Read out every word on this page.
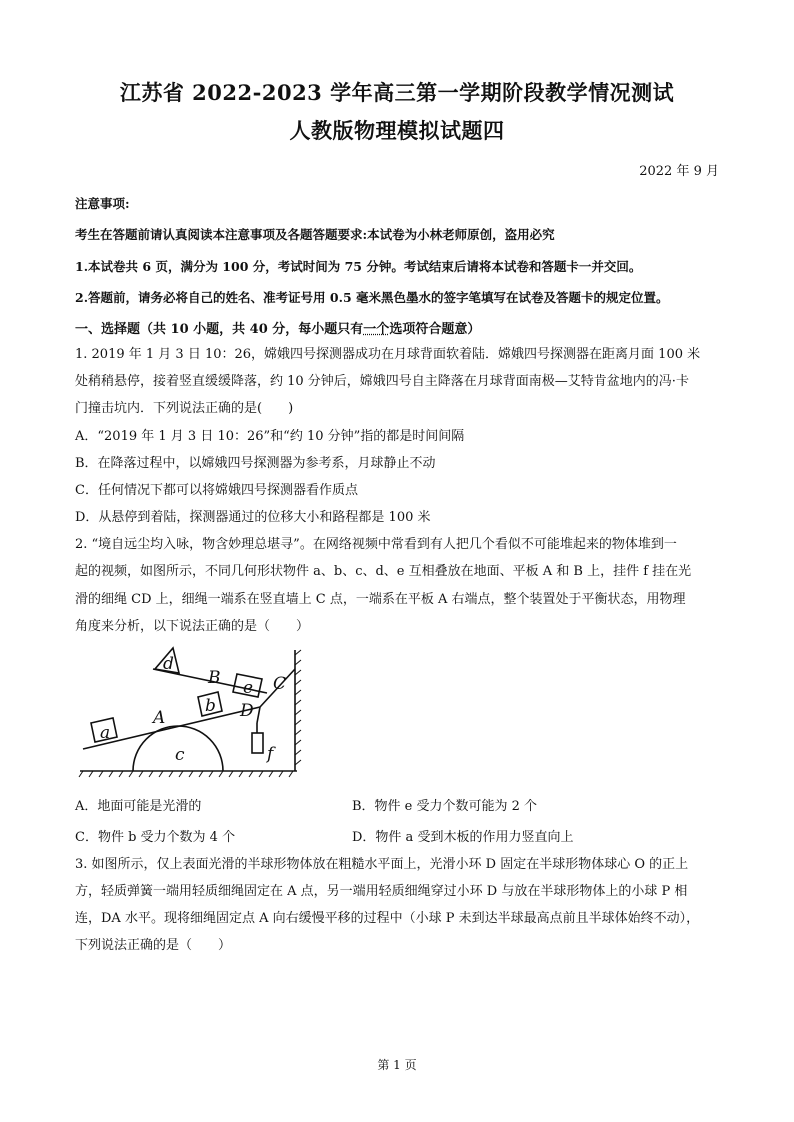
江苏省 2022-2023 学年高三第一学期阶段教学情况测试
人教版物理模拟试题四
2022 年 9 月
注意事项:
考生在答题前请认真阅读本注意事项及各题答题要求:本试卷为小林老师原创，盗用必究
1.本试卷共 6 页，满分为 100 分，考试时间为 75 分钟。考试结束后请将本试卷和答题卡一并交回。
2.答题前，请务必将自己的姓名、准考证号用 0.5 毫米黑色墨水的签字笔填写在试卷及答题卡的规定位置。
一、选择题（共 10 小题，共 40 分，每小题只有一个选项符合题意）
1. 2019 年 1 月 3 日 10：26，嫦娥四号探测器成功在月球背面软着陆．嫦娥四号探测器在距离月面 100 米
处稍稍悬停，接着竖直缓缓降落，约 10 分钟后，嫦娥四号自主降落在月球背面南极—艾特肯盆地内的冯·卡
门撞击坑内．下列说法正确的是(　　)
A．“2019 年 1 月 3 日 10：26”和“约 10 分钟”指的都是时间间隔
B．在降落过程中，以嫦娥四号探测器为参考系，月球静止不动
C．任何情况下都可以将嫦娥四号探测器看作质点
D．从悬停到着陆，探测器通过的位移大小和路程都是 100 米
2. “境自远尘均入咏，物含妙理总堪寻”。在网络视频中常看到有人把几个看似不可能堆起来的物体堆到一
起的视频，如图所示，不同几何形状物件 a、b、c、d、e 互相叠放在地面、平板 A 和 B 上，挂件 f 挂在光
滑的细绳 CD 上，细绳一端系在竖直墙上 C 点，一端系在平板 A 右端点，整个装置处于平衡状态，用物理
角度来分析，以下说法正确的是（　　）
a
b
c
d
e
f
A
B	C
D
A．地面可能是光滑的	B．物件 e 受力个数可能为 2 个
C．物件 b 受力个数为 4 个	D．物件 a 受到木板的作用力竖直向上
3. 如图所示，仅上表面光滑的半球形物体放在粗糙水平面上，光滑小环 D 固定在半球形物体球心 O 的正上
方，轻质弹簧一端用轻质细绳固定在 A 点，另一端用轻质细绳穿过小环 D 与放在半球形物体上的小球 P 相
连，DA 水平。现将细绳固定点 A 向右缓慢平移的过程中（小球 P 未到达半球最高点前且半球体始终不动），
下列说法正确的是（　　）
第 1 页
